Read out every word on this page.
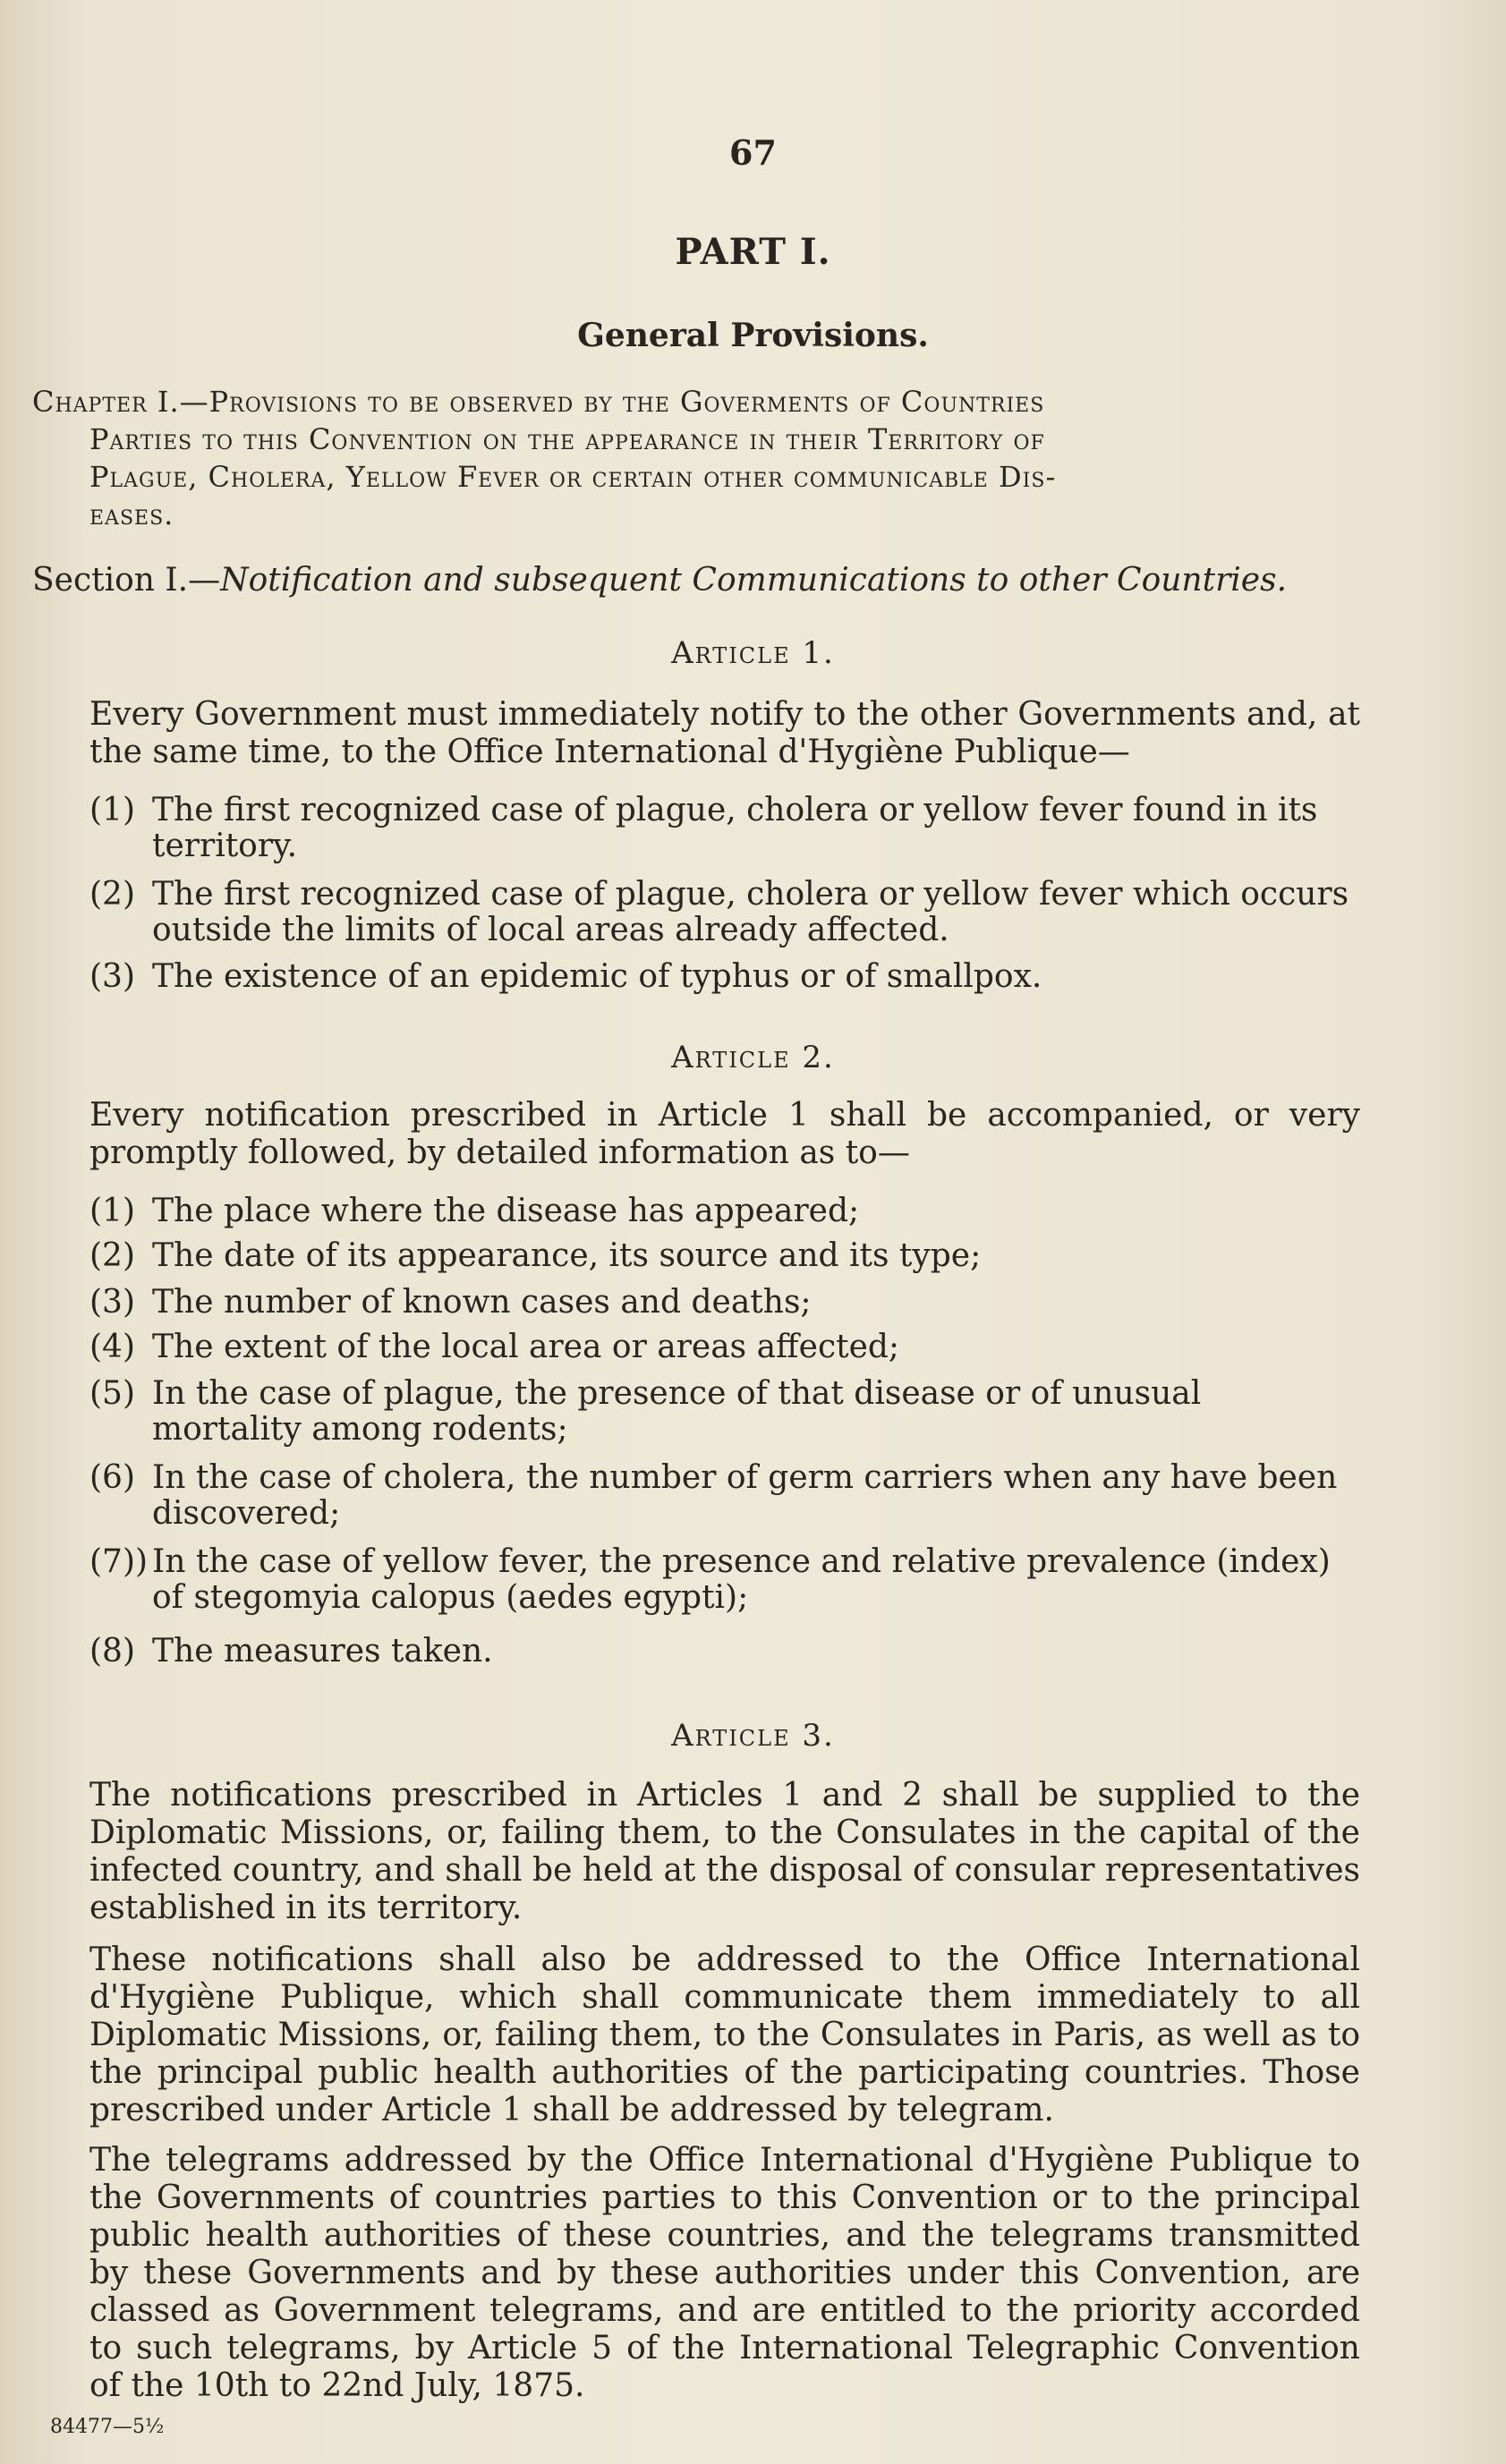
67
PART I.
General Provisions.
Chapter I.—Provisions to be observed by the Goverments of Countries
Parties to this Convention on the appearance in their Territory of
Plague, Cholera, Yellow Fever or certain other communicable Dis-
eases.
Section I.—Notification and subsequent Communications to other Countries.
Article 1.
Every Government must immediately notify to the other Governments and, at the same time, to the Office International d'Hygiène Publique—
(1) The first recognized case of plague, cholera or yellow fever found in its territory.
(2) The first recognized case of plague, cholera or yellow fever which occurs outside the limits of local areas already affected.
(3) The existence of an epidemic of typhus or of smallpox.
Article 2.
Every notification prescribed in Article 1 shall be accompanied, or very promptly followed, by detailed information as to—
(1) The place where the disease has appeared;
(2) The date of its appearance, its source and its type;
(3) The number of known cases and deaths;
(4) The extent of the local area or areas affected;
(5) In the case of plague, the presence of that disease or of unusual mortality among rodents;
(6) In the case of cholera, the number of germ carriers when any have been discovered;
(7)) In the case of yellow fever, the presence and relative prevalence (index) of stegomyia calopus (aedes egypti);
(8) The measures taken.
Article 3.
The notifications prescribed in Articles 1 and 2 shall be supplied to the Diplomatic Missions, or, failing them, to the Consulates in the capital of the infected country, and shall be held at the disposal of consular representatives established in its territory.
These notifications shall also be addressed to the Office International d'Hygiène Publique, which shall communicate them immediately to all Diplomatic Missions, or, failing them, to the Consulates in Paris, as well as to the principal public health authorities of the participating countries. Those prescribed under Article 1 shall be addressed by telegram.
The telegrams addressed by the Office International d'Hygiène Publique to the Governments of countries parties to this Convention or to the principal public health authorities of these countries, and the telegrams transmitted by these Governments and by these authorities under this Convention, are classed as Government telegrams, and are entitled to the priority accorded to such telegrams, by Article 5 of the International Telegraphic Convention of the 10th to 22nd July, 1875.
84477—5½
